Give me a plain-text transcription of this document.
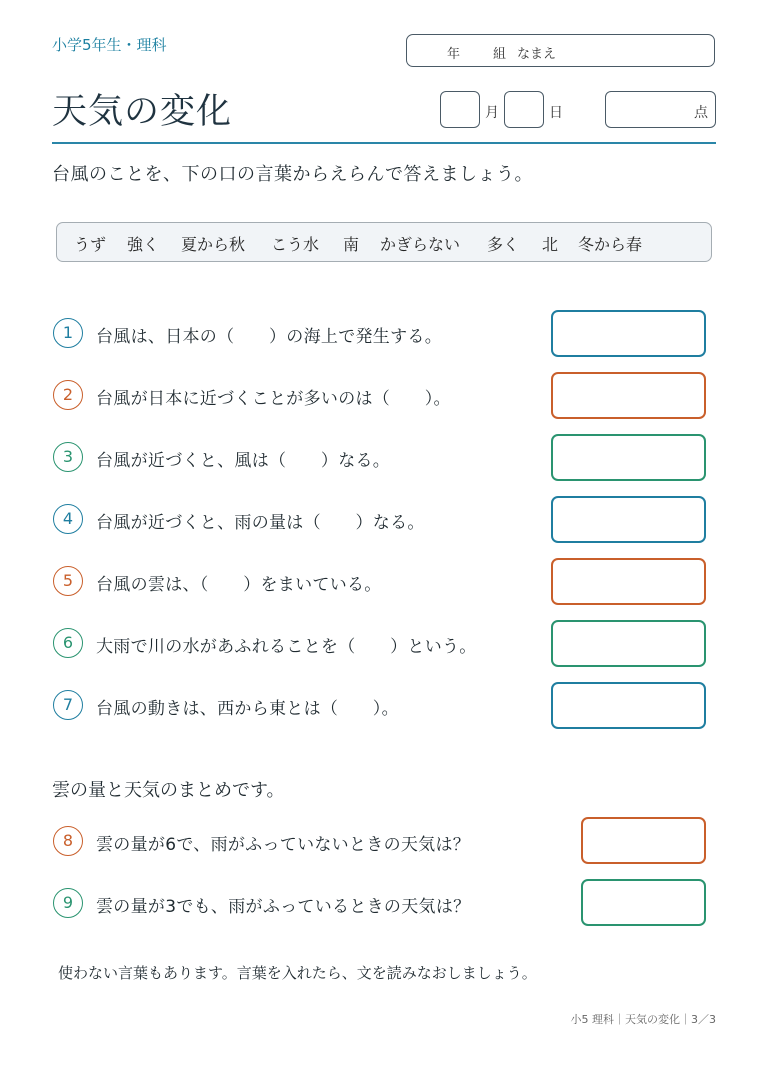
小学5年生・理科
年	組 なまえ
天気の変化	月	日	点
台風のことを、下の口の言葉からえらんで答えましょう。
うず 強く 夏から秋 こう水 南 かぎらない 多く 北 冬から春
1	台風は、日本の（　　）の海上で発生する。
2	台風が日本に近づくことが多いのは（　　）。
3	台風が近づくと、風は（　　）なる。
4	台風が近づくと、雨の量は（　　）なる。
5	台風の雲は、（　　）をまいている。
6	大雨で川の水があふれることを（　　）という。
7	台風の動きは、西から東とは（　　）。
雲の量と天気のまとめです。
8	雲の量が6で、雨がふっていないときの天気は？
9	雲の量が3でも、雨がふっているときの天気は？
使わない言葉もあります。言葉を入れたら、文を読みなおしましょう。
小5 理科｜天気の変化｜3／3
